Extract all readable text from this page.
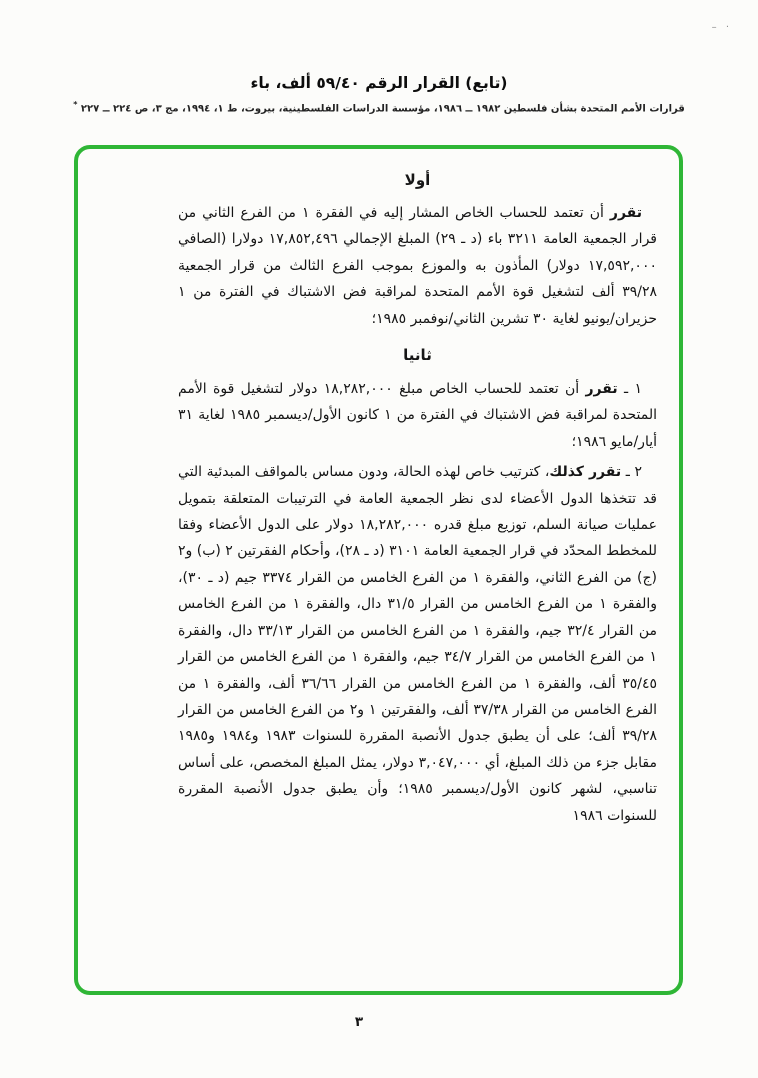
– ·
(تابع) القرار الرقم ٥٩/٤٠ ألف، باء
قرارات الأمم المتحدة بشأن فلسطين ١٩٨٢ ــ ١٩٨٦، مؤسسة الدراسات الفلسطينية، بيروت، ط ١، ١٩٩٤، مج ٣، ص ٢٢٤ ــ ٢٢٧ *
أولا

تقرر أن تعتمد للحساب الخاص المشار إليه في الفقرة ١ من الفرع الثاني من قرار الجمعية العامة ٣٢١١ باء (د ـ ٢٩) المبلغ الإجمالي ١٧,٨٥٢,٤٩٦ دولارا (الصافي ١٧,٥٩٢,٠٠٠ دولار) المأذون به والموزع بموجب الفرع الثالث من قرار الجمعية ٣٩/٢٨ ألف لتشغيل قوة الأمم المتحدة لمراقبة فض الاشتباك في الفترة من ١ حزيران/يونيو لغاية ٣٠ تشرين الثاني/نوفمبر ١٩٨٥؛

ثانيا

١ ـ تقرر أن تعتمد للحساب الخاص مبلغ ١٨,٢٨٢,٠٠٠ دولار لتشغيل قوة الأمم المتحدة لمراقبة فض الاشتباك في الفترة من ١ كانون الأول/ديسمبر ١٩٨٥ لغاية ٣١ أيار/مايو ١٩٨٦؛

٢ ـ تقرر كذلك، كترتيب خاص لهذه الحالة، ودون مساس بالمواقف المبدئية التي قد تتخذها الدول الأعضاء لدى نظر الجمعية العامة في الترتيبات المتعلقة بتمويل عمليات صيانة السلم، توزيع مبلغ قدره ١٨,٢٨٢,٠٠٠ دولار على الدول الأعضاء وفقا للمخطط المحدّد في قرار الجمعية العامة ٣١٠١ (د ـ ٢٨)، وأحكام الفقرتين ٢ (ب) و٢ (ج) من الفرع الثاني، والفقرة ١ من الفرع الخامس من القرار ٣٣٧٤ جيم (د ـ ٣٠)، والفقرة ١ من الفرع الخامس من القرار ٣١/٥ دال، والفقرة ١ من الفرع الخامس من القرار ٣٢/٤ جيم، والفقرة ١ من الفرع الخامس من القرار ٣٣/١٣ دال، والفقرة ١ من الفرع الخامس من القرار ٣٤/٧ جيم، والفقرة ١ من الفرع الخامس من القرار ٣٥/٤٥ ألف، والفقرة ١ من الفرع الخامس من القرار ٣٦/٦٦ ألف، والفقرة ١ من الفرع الخامس من القرار ٣٧/٣٨ ألف، والفقرتين ١ و٢ من الفرع الخامس من القرار ٣٩/٢٨ ألف؛ على أن يطبق جدول الأنصبة المقررة للسنوات ١٩٨٣ و١٩٨٤ و١٩٨٥ مقابل جزء من ذلك المبلغ، أي ٣,٠٤٧,٠٠٠ دولار، يمثل المبلغ المخصص، على أساس تناسبي، لشهر كانون الأول/ديسمبر ١٩٨٥؛ وأن يطبق جدول الأنصبة المقررة للسنوات ١٩٨٦

٣
